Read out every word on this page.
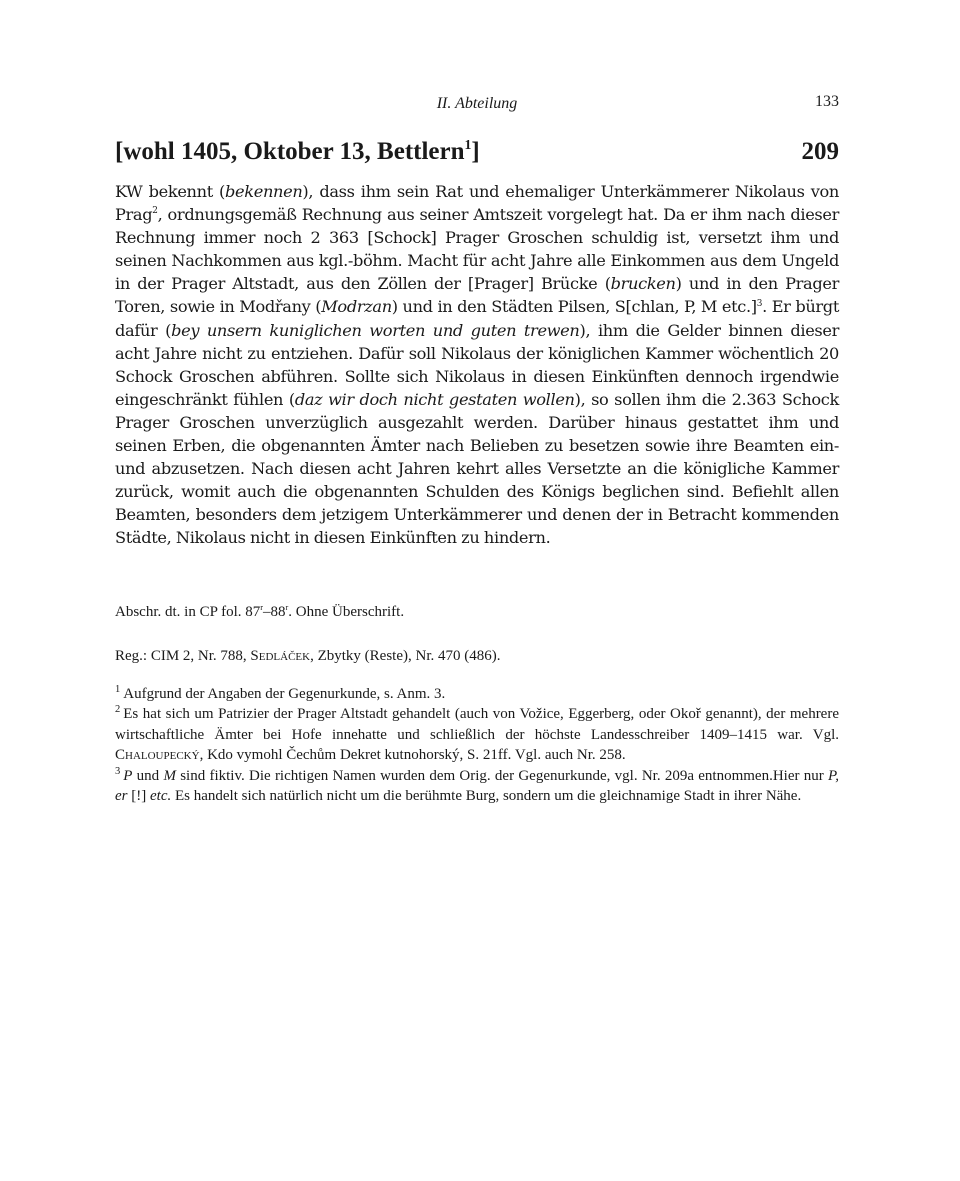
II. Abteilung	133
[wohl 1405, Oktober 13, Bettlern$^1$]	209
KW bekennt (bekennen), dass ihm sein Rat und ehemaliger Unterkämmerer Nikolaus von Prag$^2$, ordnungsgemäß Rechnung aus seiner Amtszeit vorgelegt hat. Da er ihm nach dieser Rechnung immer noch 2 363 [Schock] Prager Groschen schuldig ist, versetzt ihm und seinen Nachkommen aus kgl.-böhm. Macht für acht Jahre alle Einkommen aus dem Ungeld in der Prager Altstadt, aus den Zöllen der [Prager] Brücke (brucken) und in den Prager Toren, sowie in Modřany (Modrzan) und in den Städten Pilsen, S[chlan, P, M etc.]$^3$. Er bürgt dafür (bey unsern kuniglichen worten und guten trewen), ihm die Gelder binnen dieser acht Jahre nicht zu entziehen. Dafür soll Nikolaus der königlichen Kammer wöchentlich 20 Schock Groschen abführen. Sollte sich Nikolaus in diesen Einkünften dennoch irgendwie eingeschränkt fühlen (daz wir doch nicht gestaten wollen), so sollen ihm die 2.363 Schock Prager Groschen unverzüglich ausgezahlt werden. Darüber hinaus gestattet ihm und seinen Erben, die obgenannten Ämter nach Belieben zu besetzen sowie ihre Beamten ein- und abzusetzen. Nach diesen acht Jahren kehrt alles Versetzte an die königliche Kammer zurück, womit auch die obgenannten Schulden des Königs beglichen sind. Befiehlt allen Beamten, besonders dem jetzigem Unterkämmerer und denen der in Betracht kommenden Städte, Nikolaus nicht in diesen Einkünften zu hindern.
Abschr. dt. in CP fol. 87$^r$–88$^r$. Ohne Überschrift.
Reg.: CIM 2, Nr. 788, Sedláček, Zbytky (Reste), Nr. 470 (486).

$^1$ Aufgrund der Angaben der Gegenurkunde, s. Anm. 3.

$^2$ Es hat sich um Patrizier der Prager Altstadt gehandelt (auch von Vožice, Eggerberg, oder Okoř genannt), der mehrere wirtschaftliche Ämter bei Hofe innehatte und schließlich der höchste Landesschreiber 1409–1415 war. Vgl. Chaloupecký, Kdo vymohl Čechům Dekret kutnohorský, S. 21ff. Vgl. auch Nr. 258.

$^3$ P und M sind fiktiv. Die richtigen Namen wurden dem Orig. der Gegenurkunde, vgl. Nr. 209a entnommen.Hier nur P, er [!] etc. Es handelt sich natürlich nicht um die berühmte Burg, sondern um die gleichnamige Stadt in ihrer Nähe.
